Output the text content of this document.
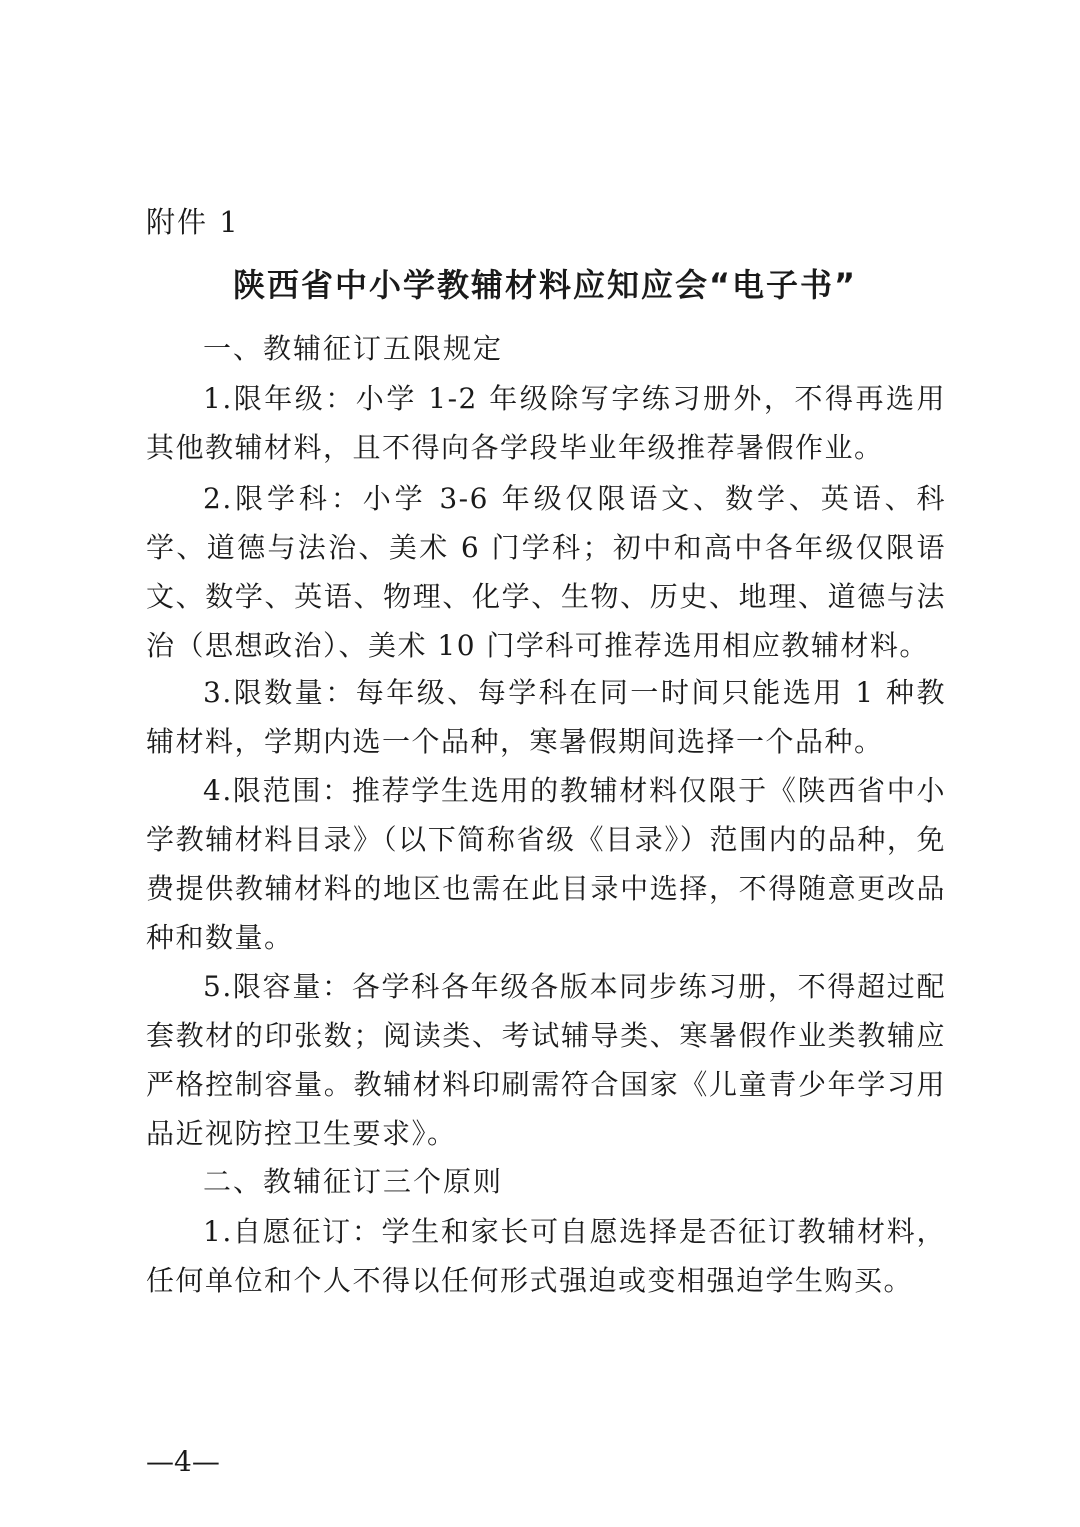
附件 1
陕西省中小学教辅材料应知应会“电子书”
一、教辅征订五限规定

1.限年级：小学 1-2 年级除写字练习册外，不得再选用其他教辅材料，且不得向各学段毕业年级推荐暑假作业。

2.限学科：小学 3-6 年级仅限语文、数学、英语、科学、道德与法治、美术 6 门学科；初中和高中各年级仅限语文、数学、英语、物理、化学、生物、历史、地理、道德与法治（思想政治）、美术 10 门学科可推荐选用相应教辅材料。

3.限数量：每年级、每学科在同一时间只能选用 1 种教辅材料，学期内选一个品种，寒暑假期间选择一个品种。

4.限范围：推荐学生选用的教辅材料仅限于《陕西省中小学教辅材料目录》（以下简称省级《目录》）范围内的品种，免费提供教辅材料的地区也需在此目录中选择，不得随意更改品种和数量。

5.限容量：各学科各年级各版本同步练习册，不得超过配套教材的印张数；阅读类、考试辅导类、寒暑假作业类教辅应严格控制容量。教辅材料印刷需符合国家《儿童青少年学习用品近视防控卫生要求》。

二、教辅征订三个原则

1.自愿征订：学生和家长可自愿选择是否征订教辅材料，任何单位和个人不得以任何形式强迫或变相强迫学生购买。

—4—
